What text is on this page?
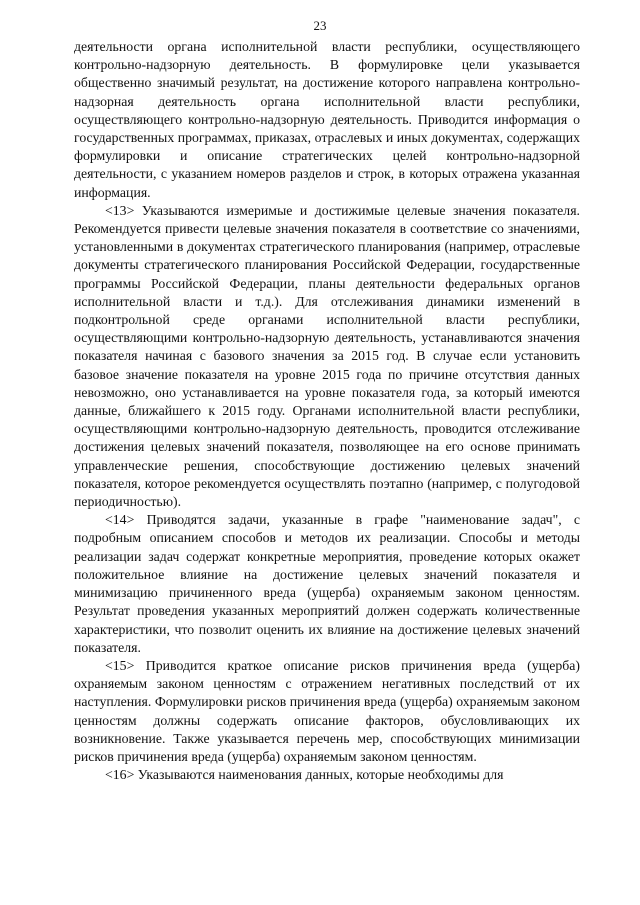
23

деятельности органа исполнительной власти республики, осуществляющего контрольно-надзорную деятельность. В формулировке цели указывается общественно значимый результат, на достижение которого направлена контрольно-надзорная деятельность органа исполнительной власти республики, осуществляющего контрольно-надзорную деятельность. Приводится информация о государственных программах, приказах, отраслевых и иных документах, содержащих формулировки и описание стратегических целей контрольно-надзорной деятельности, с указанием номеров разделов и строк, в которых отражена указанная информация.

<13> Указываются измеримые и достижимые целевые значения показателя. Рекомендуется привести целевые значения показателя в соответствие со значениями, установленными в документах стратегического планирования (например, отраслевые документы стратегического планирования Российской Федерации, государственные программы Российской Федерации, планы деятельности федеральных органов исполнительной власти и т.д.). Для отслеживания динамики изменений в подконтрольной среде органами исполнительной власти республики, осуществляющими контрольно-надзорную деятельность, устанавливаются значения показателя начиная с базового значения за 2015 год. В случае если установить базовое значение показателя на уровне 2015 года по причине отсутствия данных невозможно, оно устанавливается на уровне показателя года, за который имеются данные, ближайшего к 2015 году. Органами исполнительной власти республики, осуществляющими контрольно-надзорную деятельность, проводится отслеживание достижения целевых значений показателя, позволяющее на его основе принимать управленческие решения, способствующие достижению целевых значений показателя, которое рекомендуется осуществлять поэтапно (например, с полугодовой периодичностью).

<14> Приводятся задачи, указанные в графе "наименование задач", с подробным описанием способов и методов их реализации. Способы и методы реализации задач содержат конкретные мероприятия, проведение которых окажет положительное влияние на достижение целевых значений показателя и минимизацию причиненного вреда (ущерба) охраняемым законом ценностям. Результат проведения указанных мероприятий должен содержать количественные характеристики, что позволит оценить их влияние на достижение целевых значений показателя.

<15> Приводится краткое описание рисков причинения вреда (ущерба) охраняемым законом ценностям с отражением негативных последствий от их наступления. Формулировки рисков причинения вреда (ущерба) охраняемым законом ценностям должны содержать описание факторов, обусловливающих их возникновение. Также указывается перечень мер, способствующих минимизации рисков причинения вреда (ущерба) охраняемым законом ценностям.

<16> Указываются наименования данных, которые необходимы для
